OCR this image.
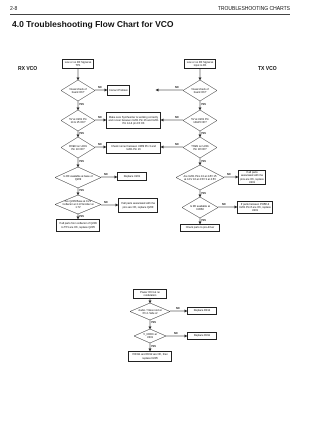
2-8	TROUBLESHOOTING CHARTS
4.0 Troubleshooting Flow Chart for VCO
RX VCO	TX VCO
Low or no RF Signal at TP1
Visual check of board OK?
Correct Problem
5V at U201 Pin 14 & 15 OK?
Make sure Synthesizer is working correctly and runner between U201 Pin 26 and U201 Pin 14 & pin 15 OK
RXEN on U201 Pin 10 OK?
Check runner between U389 Pin 3 and U201 Pin 16
Is RF available at base of Q209
Replace U201
Are Q209 Base at 0.2V Collector at 4.1V Emitter at 1.7V
If all parts associated with the pins are OK, replace Q209
If all parts from collector of Q209 to TP1 are OK, replace Q205
Low or no RF Signal at input to PA
Visual check of board OK?
5V at U201 Pin 14&15 OK?
TXEN on U201 Pin 18 OK?
Are U201 Pins 13 at 4.8V 15 at 4.1V 16 at 4.5V 3 at 4.5V
If all parts associated with the pins are OK, replace U201
Is RF available at C3060
If parts between PCB8 & U201 Pin 8 are OK, replace U201
Check parts to pre-driver
Power OK but no modulation
Audio / Vdev.mod at Pin 1 Side of
Replace R312
V_CDDC at U301
Replace R311
If R311 and R312 are OK, then replace D205
YES
YES
YES
YES
YES
NO
NO
NO
NO
NO
YES
YES
YES
YES
YES
NO
NO
NO
NO
NO
NO
YES
NO
YES
